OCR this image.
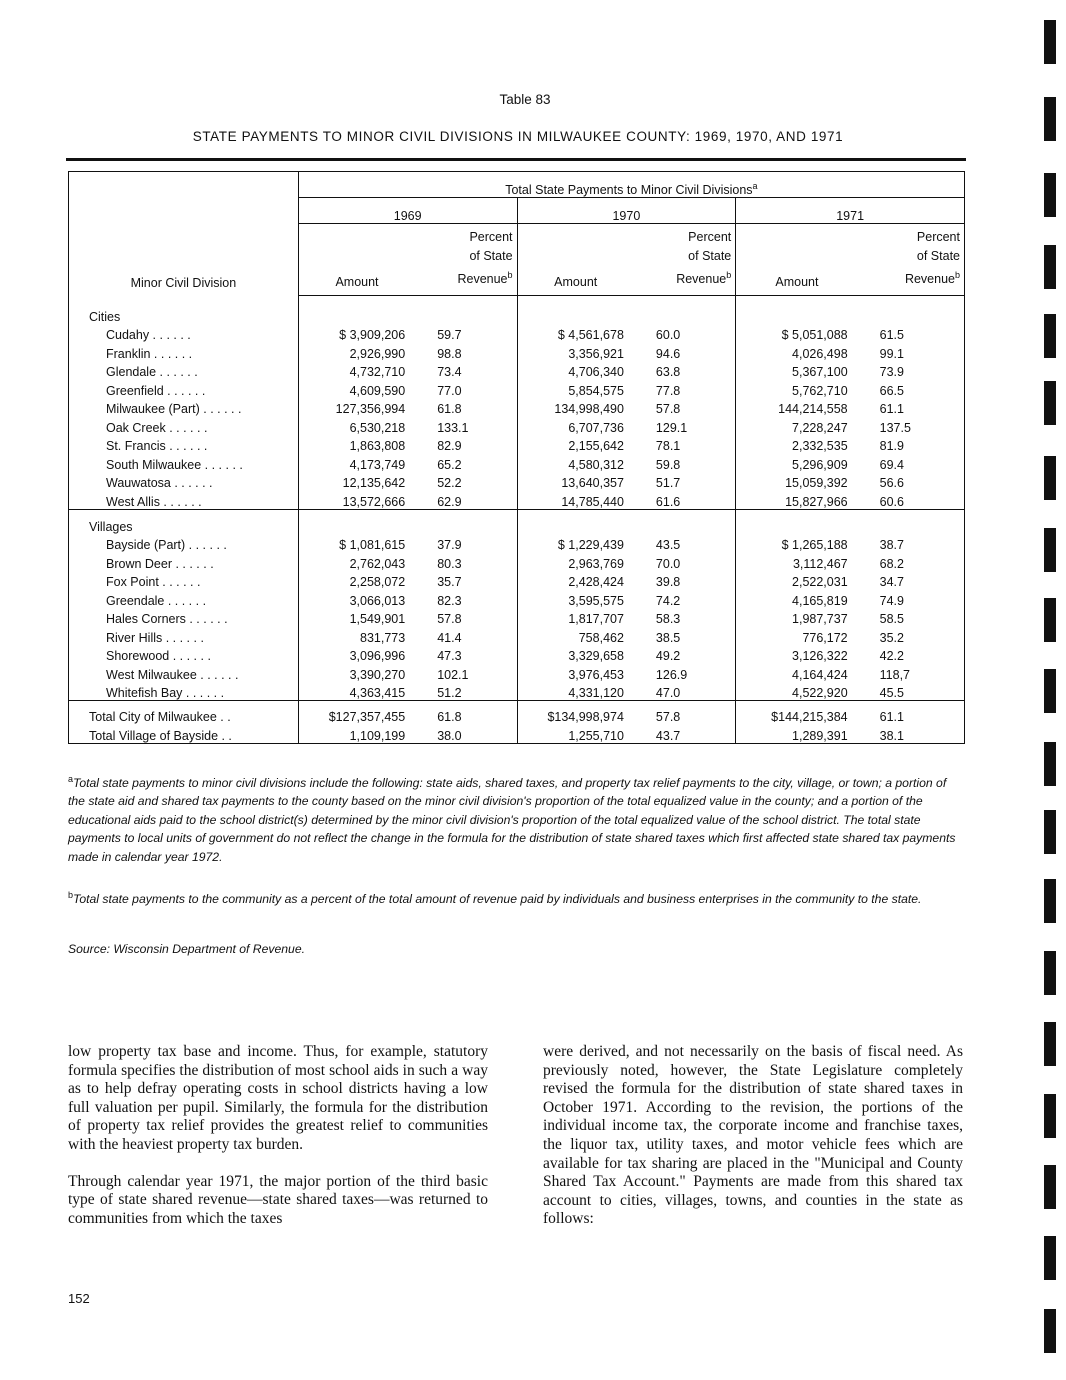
Table 83
STATE PAYMENTS TO MINOR CIVIL DIVISIONS IN MILWAUKEE COUNTY: 1969, 1970, AND 1971
Minor Civil Division	Total State Payments to Minor Civil Divisions$^a$
	1969		1970		1971	
	Amount	Percent
of State
Revenue$^b$	Amount	Percent
of State
Revenue$^b$	Amount	Percent
of State
Revenue$^b$
Cities						
Cudahy . . . . . .	$ 3,909,206	59.7	$ 4,561,678	60.0	$ 5,051,088	61.5
Franklin . . . . . .	2,926,990	98.8	3,356,921	94.6	4,026,498	99.1
Glendale . . . . . .	4,732,710	73.4	4,706,340	63.8	5,367,100	73.9
Greenfield . . . . . .	4,609,590	77.0	5,854,575	77.8	5,762,710	66.5
Milwaukee (Part) . . . . . .	127,356,994	61.8	134,998,490	57.8	144,214,558	61.1
Oak Creek . . . . . .	6,530,218	133.1	6,707,736	129.1	7,228,247	137.5
St. Francis . . . . . .	1,863,808	82.9	2,155,642	78.1	2,332,535	81.9
South Milwaukee . . . . . .	4,173,749	65.2	4,580,312	59.8	5,296,909	69.4
Wauwatosa . . . . . .	12,135,642	52.2	13,640,357	51.7	15,059,392	56.6
West Allis . . . . . .	13,572,666	62.9	14,785,440	61.6	15,827,966	60.6
Villages						
Bayside (Part) . . . . . .	$ 1,081,615	37.9	$ 1,229,439	43.5	$ 1,265,188	38.7
Brown Deer . . . . . .	2,762,043	80.3	2,963,769	70.0	3,112,467	68.2
Fox Point . . . . . .	2,258,072	35.7	2,428,424	39.8	2,522,031	34.7
Greendale . . . . . .	3,066,013	82.3	3,595,575	74.2	4,165,819	74.9
Hales Corners . . . . . .	1,549,901	57.8	1,817,707	58.3	1,987,737	58.5
River Hills . . . . . .	831,773	41.4	758,462	38.5	776,172	35.2
Shorewood . . . . . .	3,096,996	47.3	3,329,658	49.2	3,126,322	42.2
West Milwaukee . . . . . .	3,390,270	102.1	3,976,453	126.9	4,164,424	118,7
Whitefish Bay . . . . . .	4,363,415	51.2	4,331,120	47.0	4,522,920	45.5
Total City of Milwaukee . .	$127,357,455	61.8	$134,998,974	57.8	$144,215,384	61.1
Total Village of Bayside . .	1,109,199	38.0	1,255,710	43.7	1,289,391	38.1
$^a$Total state payments to minor civil divisions include the following: state aids, shared taxes, and property tax relief payments to the city, village, or town; a portion of the state aid and shared tax payments to the county based on the minor civil division's proportion of the total equalized value in the county; and a portion of the educational aids paid to the school district(s) determined by the minor civil division's proportion of the total equalized value of the school district. The total state payments to local units of government do not reflect the change in the formula for the distribution of state shared taxes which first affected state shared tax payments made in calendar year 1972.
$^b$Total state payments to the community as a percent of the total amount of revenue paid by individuals and business enterprises in the community to the state.
Source: Wisconsin Department of Revenue.

low property tax base and income. Thus, for example, statutory formula specifies the distribution of most school aids in such a way as to help defray operating costs in school districts having a low full valuation per pupil. Similarly, the formula for the distribution of property tax relief provides the greatest relief to communities with the heaviest property tax burden.

Through calendar year 1971, the major portion of the third basic type of state shared revenue—state shared taxes—was returned to communities from which the taxes

were derived, and not necessarily on the basis of fiscal need. As previously noted, however, the State Legislature completely revised the formula for the distribution of state shared taxes in October 1971. According to the revision, the portions of the individual income tax, the corporate income and franchise taxes, the liquor tax, utility taxes, and motor vehicle fees which are available for tax sharing are placed in the "Municipal and County Shared Tax Account." Payments are made from this shared tax account to cities, villages, towns, and counties in the state as follows:

152
